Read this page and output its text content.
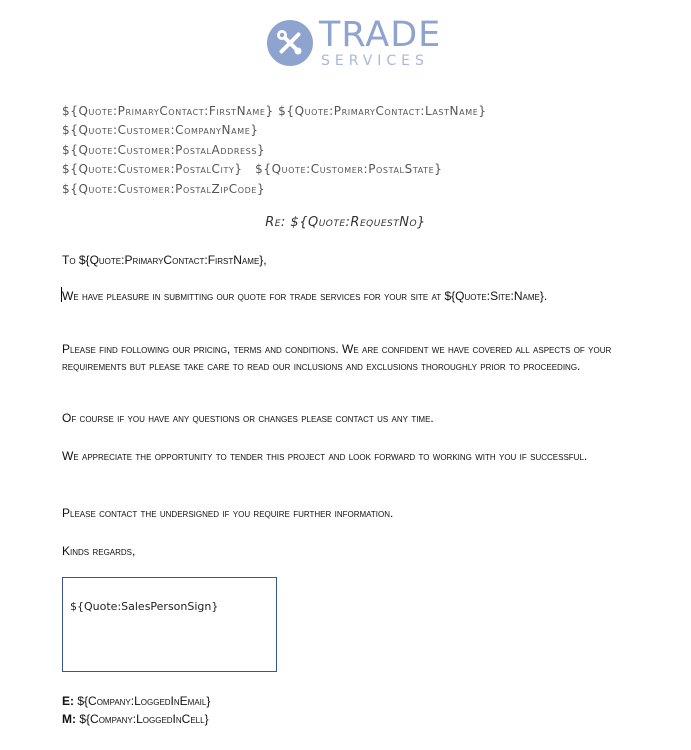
TRADE
SERVICES
${Quote:PrimaryContact:FirstName} ${Quote:PrimaryContact:LastName}
${Quote:Customer:CompanyName}
${Quote:Customer:PostalAddress}
${Quote:Customer:PostalCity} ${Quote:Customer:PostalState}
${Quote:Customer:PostalZipCode}
Re: ${Quote:RequestNo}
To ${Quote:PrimaryContact:FirstName},
We have pleasure in submitting our quote for trade services for your site at ${Quote:Site:Name}.
Please find following our pricing, terms and conditions. We are confident we have covered all aspects of your requirements but please take care to read our inclusions and exclusions thoroughly prior to proceeding.
Of course if you have any questions or changes please contact us any time.
We appreciate the opportunity to tender this project and look forward to working with you if successful.
Please contact the undersigned if you require further information.
Kinds regards,
${Quote:SalesPersonSign}
E: ${Company:LoggedInEmail}
M: ${Company:LoggedInCell}
